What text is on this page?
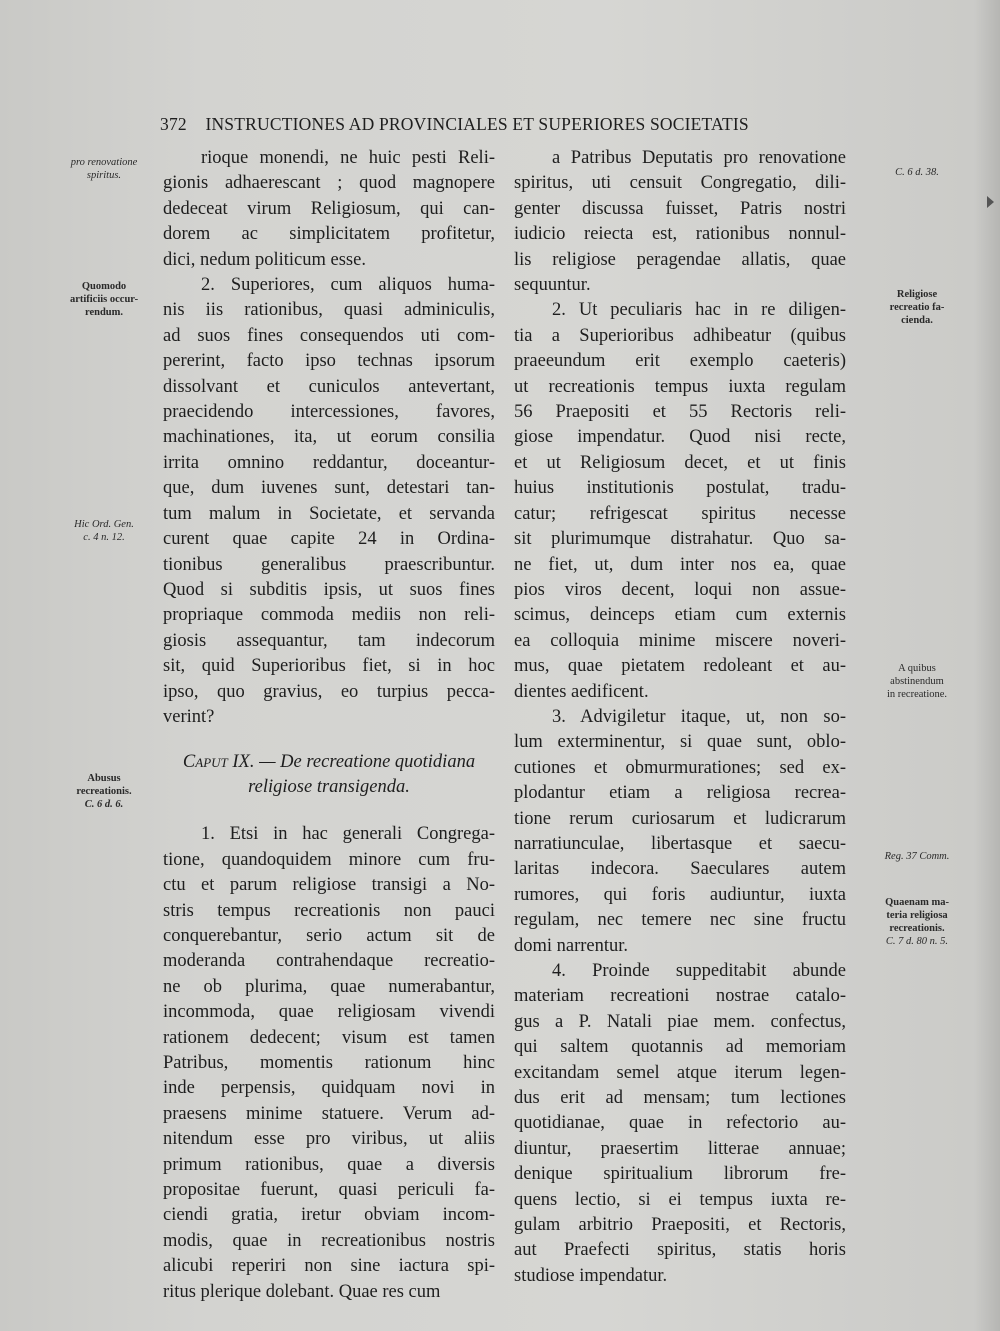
372 INSTRUCTIONES AD PROVINCIALES ET SUPERIORES SOCIETATIS
pro renovatione
spiritus.
Quomodo
artificiis occur-
rendum.
Hic Ord. Gen.
c. 4 n. 12.
Abusus
recreationis.
C. 6 d. 6.
C. 6 d. 38.
Religiose
recreatio fa-
cienda.
A quibus
abstinendum
in recreatione.
Reg. 37 Comm.
Quaenam ma-
teria religiosa
recreationis.
C. 7 d. 80 n. 5.

rioque monendi, ne huic pesti Reli-

gionis adhaerescant ; quod magnopere

dedeceat virum Religiosum, qui can-

dorem ac simplicitatem profitetur,

dici, nedum politicum esse.

2. Superiores, cum aliquos huma-

nis iis rationibus, quasi adminiculis,

ad suos fines consequendos uti com-

pererint, facto ipso technas ipsorum

dissolvant et cuniculos antevertant,

praecidendo intercessiones, favores,

machinationes, ita, ut eorum consilia

irrita omnino reddantur, doceantur-

que, dum iuvenes sunt, detestari tan-

tum malum in Societate, et servanda

curent quae capite 24 in Ordina-

tionibus generalibus praescribuntur.

Quod si subditis ipsis, ut suos fines

propriaque commoda mediis non reli-

giosis assequantur, tam indecorum

sit, quid Superioribus fiet, si in hoc

ipso, quo gravius, eo turpius pecca-

verint?

Caput IX. — De recreatione quotidiana
religiose transigenda.

1. Etsi in hac generali Congrega-

tione, quandoquidem minore cum fru-

ctu et parum religiose transigi a No-

stris tempus recreationis non pauci

conquerebantur, serio actum sit de

moderanda contrahendaque recreatio-

ne ob plurima, quae numerabantur,

incommoda, quae religiosam vivendi

rationem dedecent; visum est tamen

Patribus, momentis rationum hinc

inde perpensis, quidquam novi in

praesens minime statuere. Verum ad-

nitendum esse pro viribus, ut aliis

primum rationibus, quae a diversis

propositae fuerunt, quasi periculi fa-

ciendi gratia, iretur obviam incom-

modis, quae in recreationibus nostris

alicubi reperiri non sine iactura spi-

ritus plerique dolebant. Quae res cum

a Patribus Deputatis pro renovatione

spiritus, uti censuit Congregatio, dili-

genter discussa fuisset, Patris nostri

iudicio reiecta est, rationibus nonnul-

lis religiose peragendae allatis, quae

sequuntur.

2. Ut peculiaris hac in re diligen-

tia a Superioribus adhibeatur (quibus

praeeundum erit exemplo caeteris)

ut recreationis tempus iuxta regulam

56 Praepositi et 55 Rectoris reli-

giose impendatur. Quod nisi recte,

et ut Religiosum decet, et ut finis

huius institutionis postulat, tradu-

catur; refrigescat spiritus necesse

sit plurimumque distrahatur. Quo sa-

ne fiet, ut, dum inter nos ea, quae

pios viros decent, loqui non assue-

scimus, deinceps etiam cum externis

ea colloquia minime miscere noveri-

mus, quae pietatem redoleant et au-

dientes aedificent.

3. Advigiletur itaque, ut, non so-

lum exterminentur, si quae sunt, oblo-

cutiones et obmurmurationes; sed ex-

plodantur etiam a religiosa recrea-

tione rerum curiosarum et ludicrarum

narratiunculae, libertasque et saecu-

laritas indecora. Saeculares autem

rumores, qui foris audiuntur, iuxta

regulam, nec temere nec sine fructu

domi narrentur.

4. Proinde suppeditabit abunde

materiam recreationi nostrae catalo-

gus a P. Natali piae mem. confectus,

qui saltem quotannis ad memoriam

excitandam semel atque iterum legen-

dus erit ad mensam; tum lectiones

quotidianae, quae in refectorio au-

diuntur, praesertim litterae annuae;

denique spiritualium librorum fre-

quens lectio, si ei tempus iuxta re-

gulam arbitrio Praepositi, et Rectoris,

aut Praefecti spiritus, statis horis

studiose impendatur.
